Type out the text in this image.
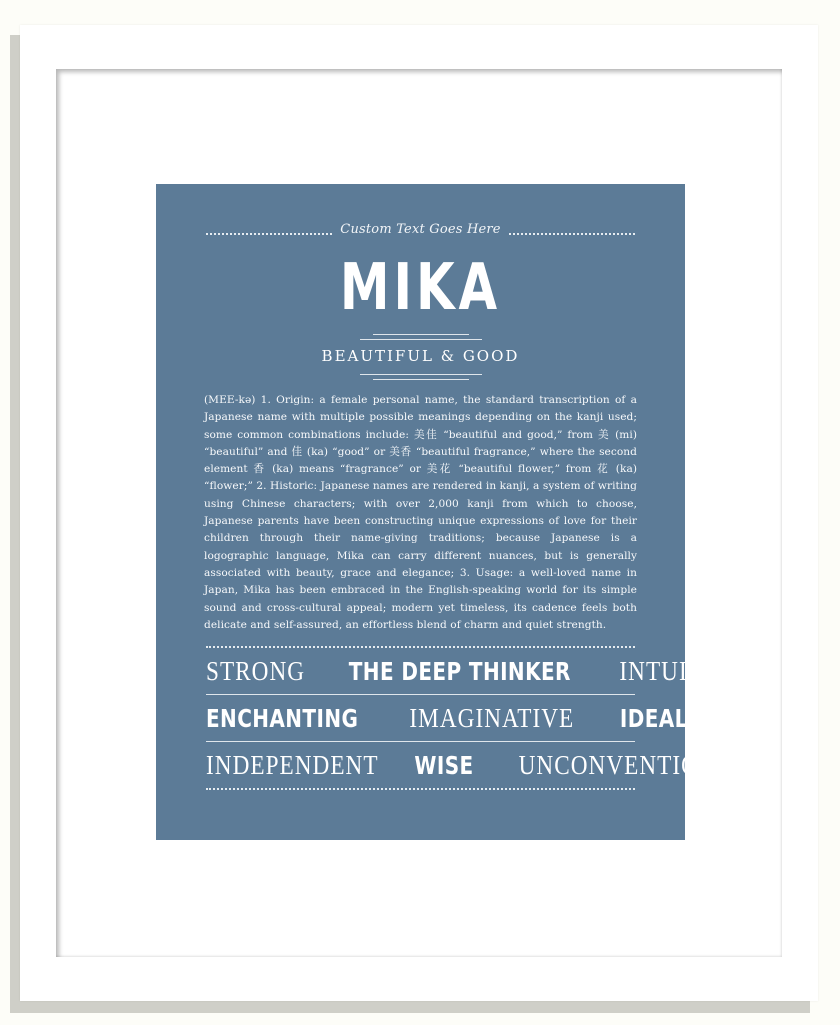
Custom Text Goes Here
MIKA
BEAUTIFUL & GOOD
(MEE-kə) 1. Origin: a female personal name, the standard transcription of a Japanese name with multiple possible meanings depending on the kanji used; some common combinations include: 美佳 “beautiful and good,” from 美 (mi) “beautiful” and 佳 (ka) “good” or 美香 “beautiful fragrance,” where the second element 香 (ka) means “fragrance” or 美花 “beautiful flower,” from 花 (ka) “flower;” 2. Historic: Japanese names are rendered in kanji, a system of writing using Chinese characters; with over 2,000 kanji from which to choose, Japanese parents have been constructing unique expressions of love for their children through their name-giving traditions; because Japanese is a logographic language, Mika can carry different nuances, but is generally associated with beauty, grace and elegance; 3. Usage: a well-loved name in Japan, Mika has been embraced in the English-speaking world for its simple sound and cross-cultural appeal; modern yet timeless, its cadence feels both delicate and self-assured, an effortless blend of charm and quiet strength.
STRONG THE DEEP THINKER INTUITIVE
ENCHANTING IMAGINATIVE IDEALISTIC
INDEPENDENT WISE UNCONVENTIONAL
